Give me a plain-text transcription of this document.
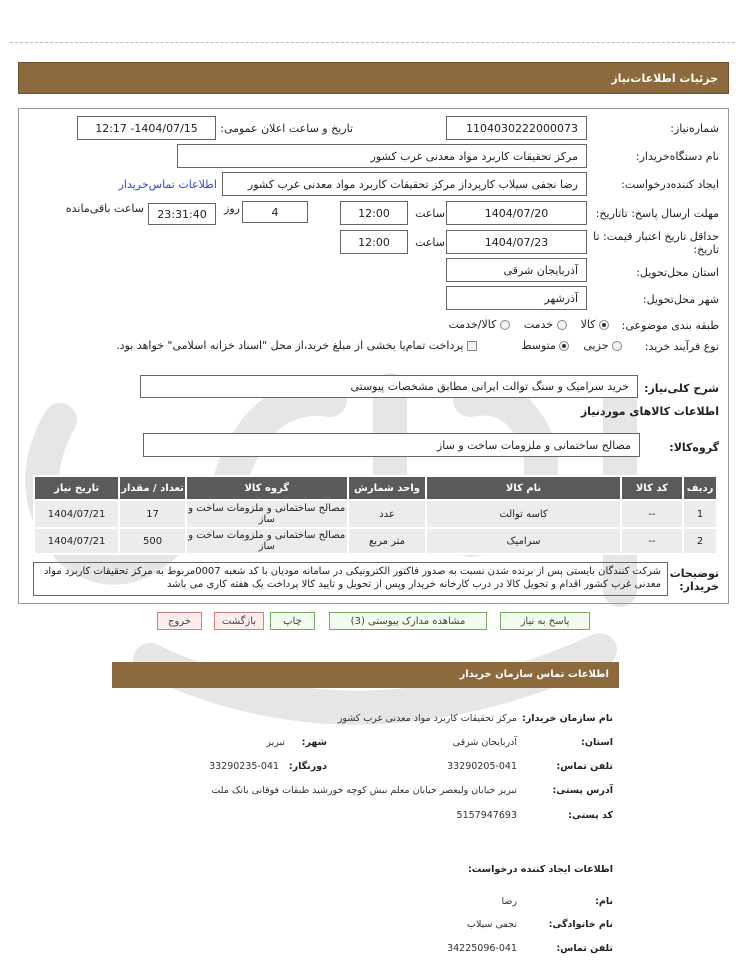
جزئیات اطلاعات‌نیاز
شماره‌نیاز:
1104030222000073
تاریخ و ساعت اعلان عمومی:
1404/07/15- 12:17
نام دستگاه‌خریدار:
مرکز تحقیقات کاربرد مواد معدنی غرب کشور
ایجاد کننده‌درخواست:
رضا نجفی سیلاب کارپرداز مرکز تحقیقات کاربرد مواد معدنی غرب کشور
اطلاعات تماس‌خریدار
مهلت ارسال پاسخ: تاتاریخ:
1404/07/20
ساعت
12:00
4
روز
23:31:40
ساعت باقی‌مانده
حداقل تاریخ اعتبار قیمت: تا تاریخ:
1404/07/23
ساعت
12:00
استان محل‌تحویل:
آذربایجان شرقی
شهر محل‌تحویل:
آذرشهر
طبقه بندی موضوعی:
کالا
خدمت
کالا/خدمت
نوع فرآیند خرید:
جزیی
متوسط
پرداخت تمام‌یا بخشی از مبلغ خرید،از محل "اسناد خزانه اسلامی" خواهد بود.
شرح کلی‌نیاز:
خرید سرامیک و سنگ توالت ایرانی مطابق مشخصات پیوستی
اطلاعات کالاهای موردنیاز
گروه‌کالا:
مصالح ساختمانی و ملزومات ساخت و ساز
ردیف	کد کالا	نام کالا	واحد شمارش	گروه کالا	تعداد / مقدار	تاریخ نیاز
1	--	کاسه توالت	عدد	مصالح ساختمانی و ملزومات ساخت و ساز	17	1404/07/21
2	--	سرامیک	متر مربع	مصالح ساختمانی و ملزومات ساخت و ساز	500	1404/07/21
توضیحات خریدار:
شرکت کنندگان بایستی پس از برنده شدن نسبت به صدور فاکتور الکترونیکی در سامانه مودیان با کد شعبه 0007مربوط به مرکز تحقیقات کاربرد مواد معدنی غرب کشور اقدام و تحویل کالا در درب کارخانه خریدار وپس از تحویل و تایید کالا پرداخت یک هفته کاری می باشد
پاسخ به نیاز
مشاهده مدارک پیوستی (3)
چاپ
بازگشت
خروج
اطلاعات تماس سازمان خریدار
نام سازمان خریدار:
مرکز تحقیقات کاربرد مواد معدنی غرب کشور
استان:
آذربایجان شرقی
شهر:
تبریز
تلفن تماس:
33290205-041
دورنگار:
33290235-041
آدرس پستی:
تبریز خیابان ولیعصر خیابان معلم نبش کوچه خورشید طبقات فوقانی بانک ملت
کد پستی:
5157947693
اطلاعات ایجاد کننده درخواست:
نام:
رضا
نام خانوادگی:
نجفی سیلاب
تلفن تماس:
34225096-041
